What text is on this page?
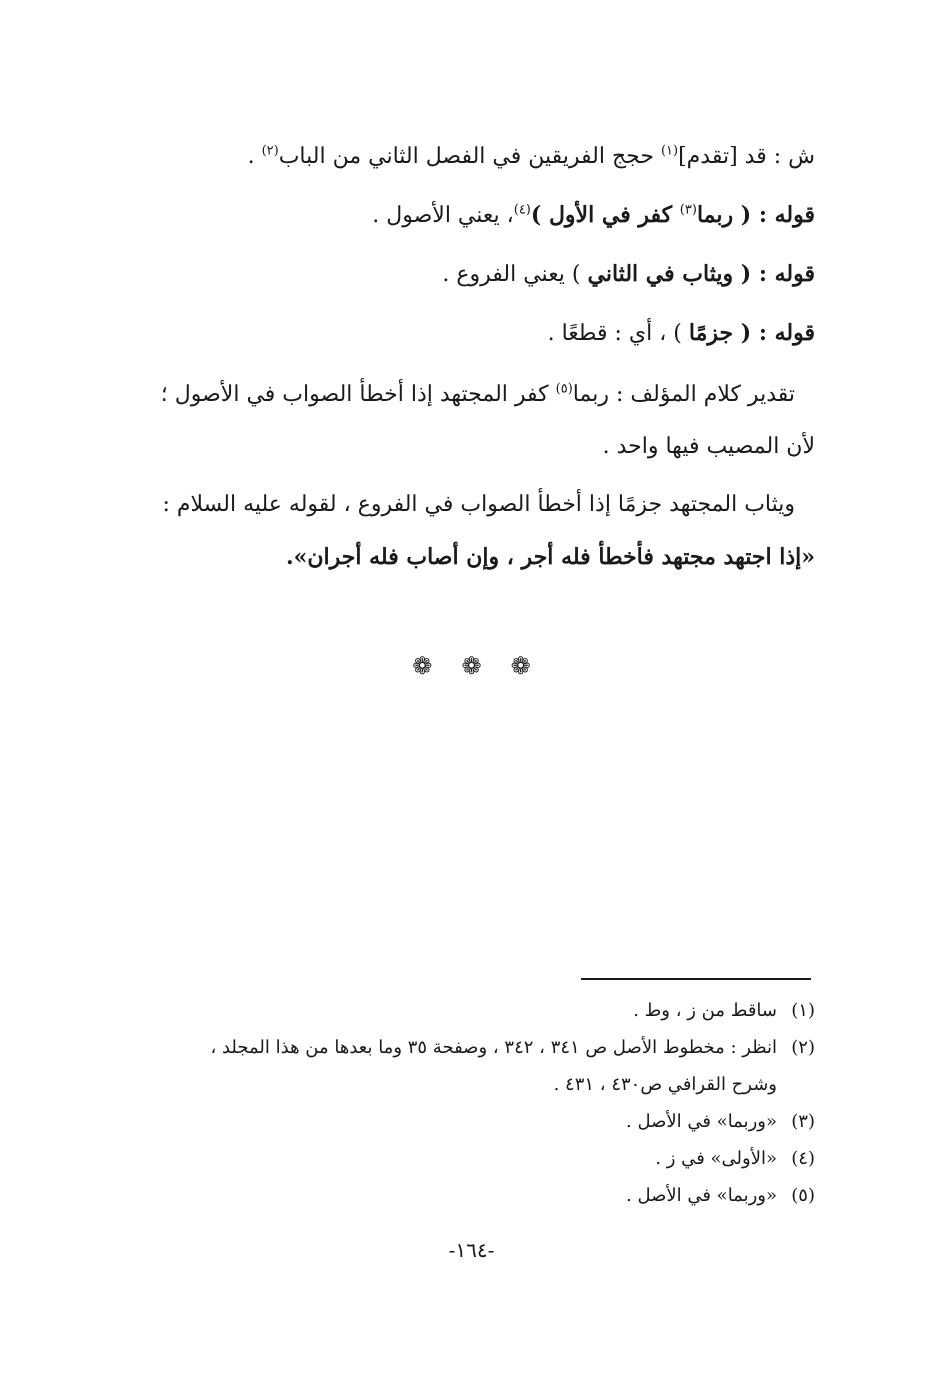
ش : قد [تقدم]$^{(١)}$ حجج الفريقين في الفصل الثاني من الباب$^{(٢)}$ .
قوله : ( ربما$^{(٣)}$ كفر في الأول )$^{(٤)}$، يعني الأصول .
قوله : ( ويثاب في الثاني ) يعني الفروع .
قوله : ( جزمًا ) ، أي : قطعًا .
تقدير كلام المؤلف : ربما$^{(٥)}$ كفر المجتهد إذا أخطأ الصواب في الأصول ؛
لأن المصيب فيها واحد .
ويثاب المجتهد جزمًا إذا أخطأ الصواب في الفروع ، لقوله عليه السلام :
«إذا اجتهد مجتهد فأخطأ فله أجر ، وإن أصاب فله أجران».
❁ ❁ ❁
(١)ساقط من ز ، وط .
(٢)انظر : مخطوط الأصل ص ٣٤١ ، ٣٤٢ ، وصفحة ٣٥ وما بعدها من هذا المجلد ،
وشرح القرافي ص٤٣٠ ، ٤٣١ .
(٣)«وربما» في الأصل .
(٤)«الأولى» في ز .
(٥)«وربما» في الأصل .
-١٦٤-
